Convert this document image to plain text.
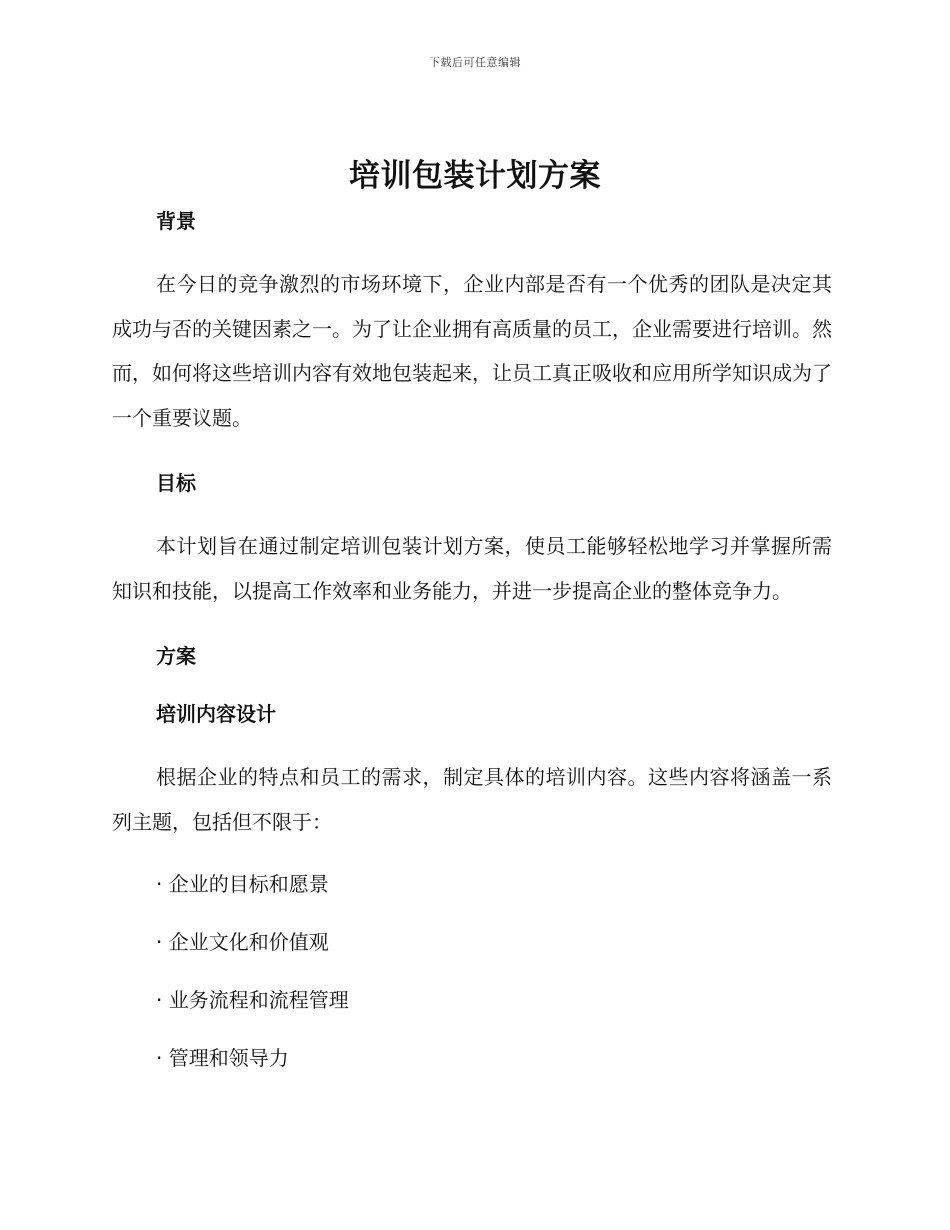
下载后可任意编辑
培训包装计划方案

背景

在今日的竞争激烈的市场环境下，企业内部是否有一个优秀的团队是决定其成功与否的关键因素之一。为了让企业拥有高质量的员工，企业需要进行培训。然而，如何将这些培训内容有效地包装起来，让员工真正吸收和应用所学知识成为了一个重要议题。

目标

本计划旨在通过制定培训包装计划方案，使员工能够轻松地学习并掌握所需知识和技能，以提高工作效率和业务能力，并进一步提高企业的整体竞争力。

方案

培训内容设计

根据企业的特点和员工的需求，制定具体的培训内容。这些内容将涵盖一系列主题，包括但不限于：

· 企业的目标和愿景

· 企业文化和价值观

· 业务流程和流程管理

· 管理和领导力
